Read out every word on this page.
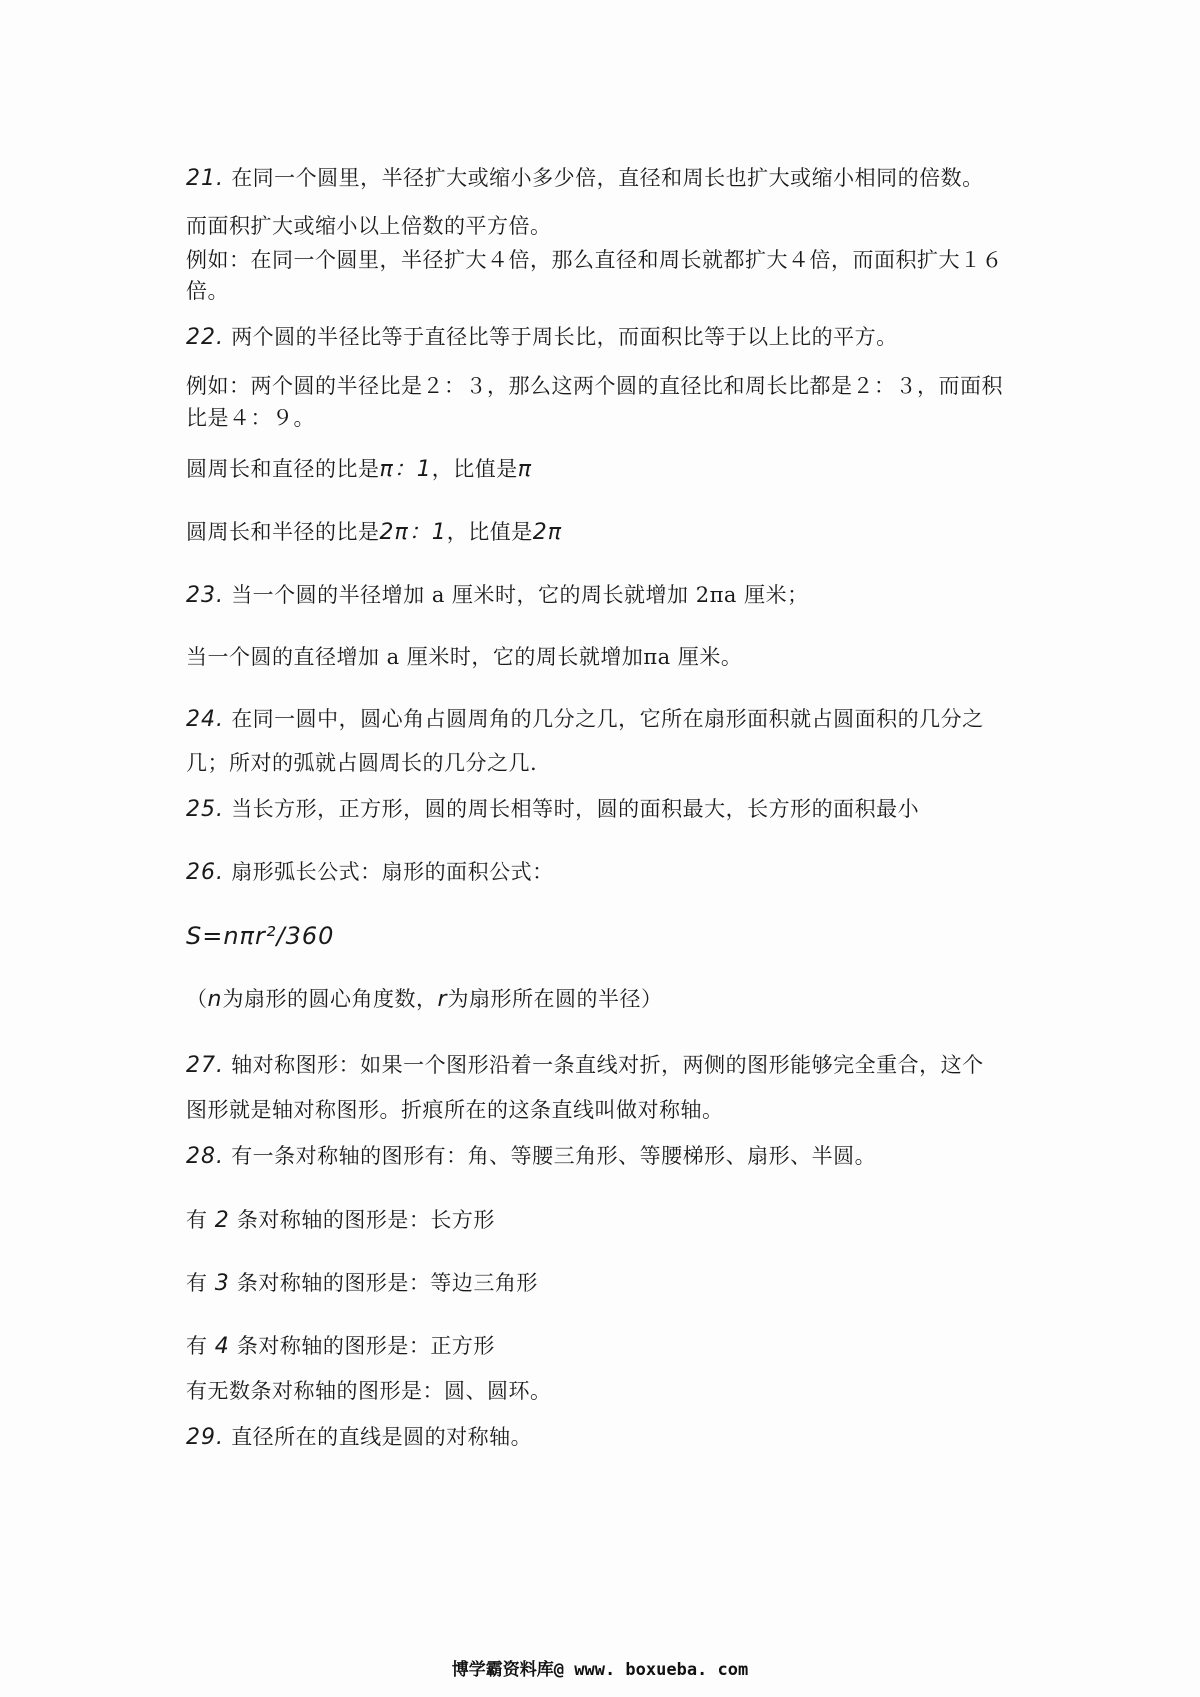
21. 在同一个圆里，半径扩大或缩小多少倍，直径和周长也扩大或缩小相同的倍数。

而面积扩大或缩小以上倍数的平方倍。

例如：在同一个圆里，半径扩大４倍，那么直径和周长就都扩大４倍，而面积扩大１６

倍。

22. 两个圆的半径比等于直径比等于周长比，而面积比等于以上比的平方。

例如：两个圆的半径比是２：３，那么这两个圆的直径比和周长比都是２：３，而面积

比是４：９。

圆周长和直径的比是π：1，比值是π

圆周长和半径的比是2π：1，比值是2π

23. 当一个圆的半径增加 a 厘米时，它的周长就增加 2πa 厘米；

当一个圆的直径增加 a 厘米时，它的周长就增加πa 厘米。

24. 在同一圆中，圆心角占圆周角的几分之几，它所在扇形面积就占圆面积的几分之

几；所对的弧就占圆周长的几分之几.

25. 当长方形，正方形，圆的周长相等时，圆的面积最大，长方形的面积最小

26. 扇形弧长公式：扇形的面积公式：

S=nπr²/360

（n为扇形的圆心角度数，r为扇形所在圆的半径）

27. 轴对称图形：如果一个图形沿着一条直线对折，两侧的图形能够完全重合，这个

图形就是轴对称图形。折痕所在的这条直线叫做对称轴。

28. 有一条对称轴的图形有：角、等腰三角形、等腰梯形、扇形、半圆。

有 2 条对称轴的图形是：长方形

有 3 条对称轴的图形是：等边三角形

有 4 条对称轴的图形是：正方形

有无数条对称轴的图形是：圆、圆环。

29. 直径所在的直线是圆的对称轴。

博学霸资料库@ www. boxueba. com
